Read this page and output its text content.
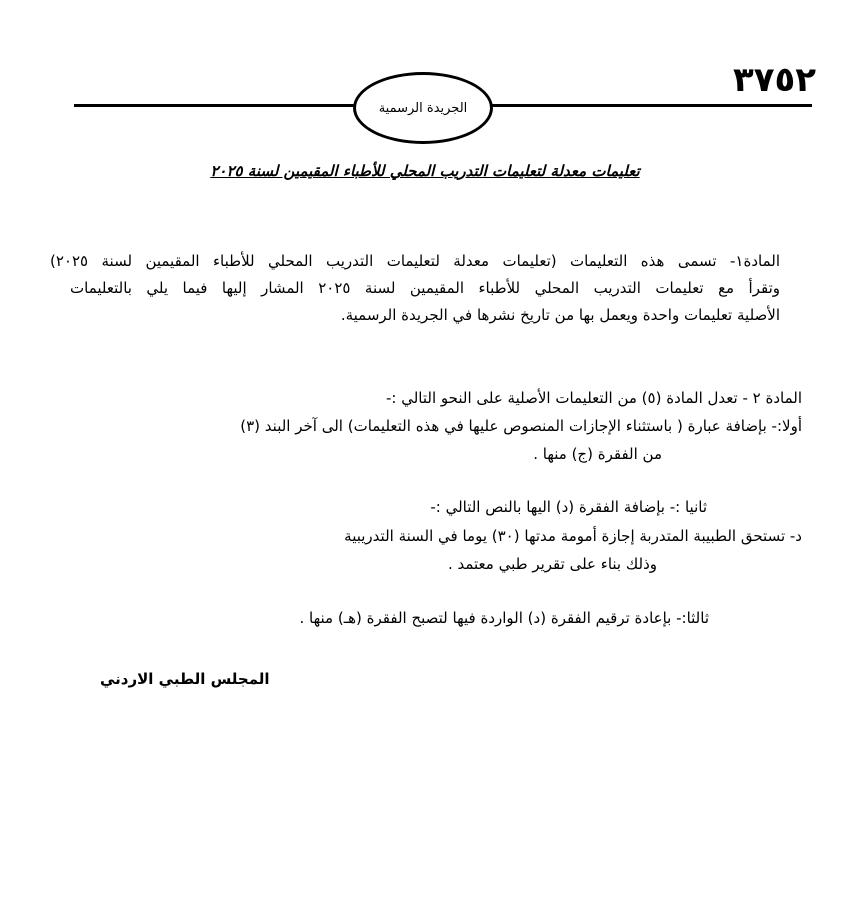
٣٧٥٢
الجريدة الرسمية
تعليمات معدلة لتعليمات التدريب المحلي للأطباء المقيمين لسنة ٢٠٢٥
المادة١- تسمى هذه التعليمات (تعليمات معدلة لتعليمات التدريب المحلي للأطباء المقيمين لسنة ٢٠٢٥)
وتقرأ مع تعليمات التدريب المحلي للأطباء المقيمين لسنة ٢٠٢٥ المشار إليها فيما يلي بالتعليمات
الأصلية تعليمات واحدة ويعمل بها من تاريخ نشرها في الجريدة الرسمية.
المادة ٢ - تعدل المادة (٥) من التعليمات الأصلية على النحو التالي :-
أولا:- بإضافة عبارة ( باستثناء الإجازات المنصوص عليها في هذه التعليمات) الى آخر البند (٣)
من الفقرة (ج) منها .
ثانيا :- بإضافة الفقرة (د) اليها بالنص التالي :-
د- تستحق الطبيبة المتدربة إجازة أمومة مدتها (٣٠) يوما في السنة التدريبية
وذلك بناء على تقرير طبي معتمد .
ثالثا:- بإعادة ترقيم الفقرة (د) الواردة فيها لتصبح الفقرة (هـ) منها .
المجلس الطبي الاردني
